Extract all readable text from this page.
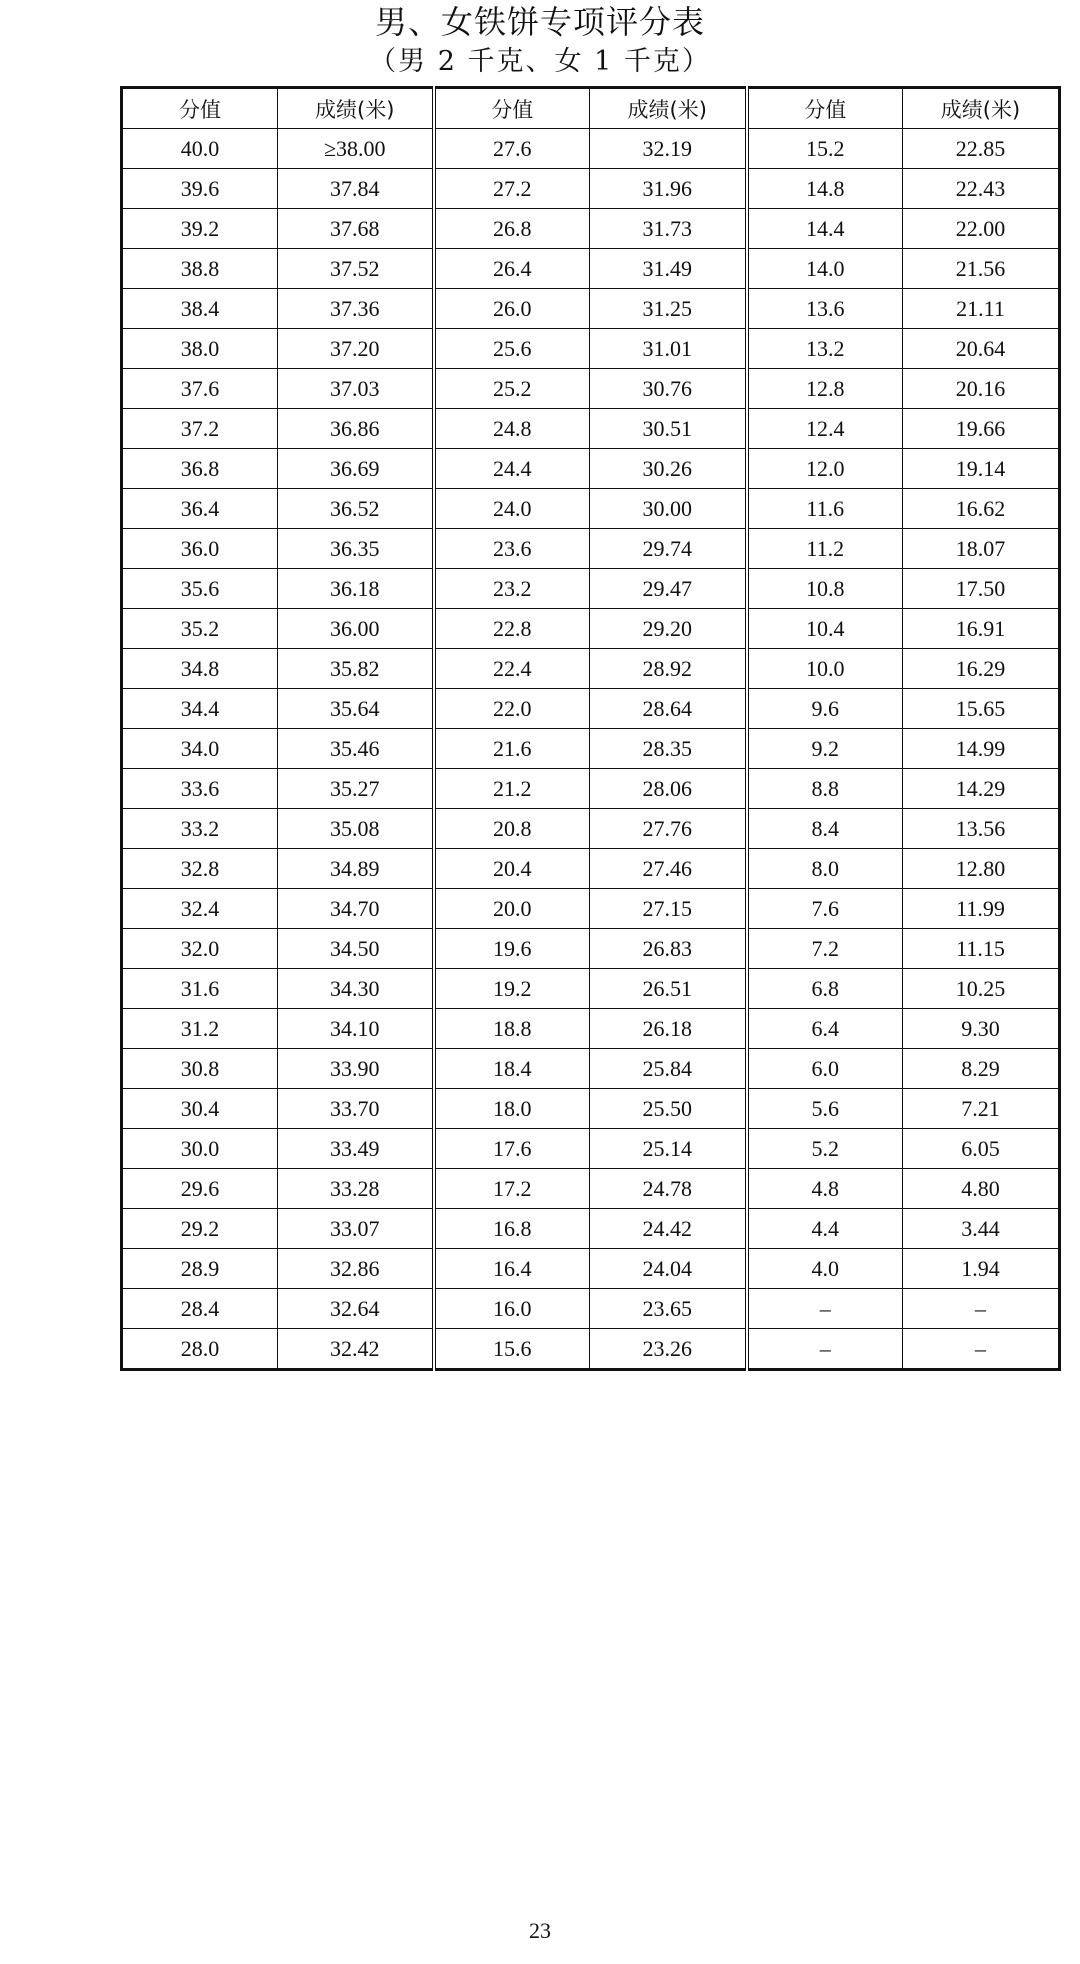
男、女铁饼专项评分表
（男 2 千克、女 1 千克）
分值	成绩(米)	分值	成绩(米)	分值	成绩(米)
40.0	≥38.00	27.6	32.19	15.2	22.85
39.6	37.84	27.2	31.96	14.8	22.43
39.2	37.68	26.8	31.73	14.4	22.00
38.8	37.52	26.4	31.49	14.0	21.56
38.4	37.36	26.0	31.25	13.6	21.11
38.0	37.20	25.6	31.01	13.2	20.64
37.6	37.03	25.2	30.76	12.8	20.16
37.2	36.86	24.8	30.51	12.4	19.66
36.8	36.69	24.4	30.26	12.0	19.14
36.4	36.52	24.0	30.00	11.6	16.62
36.0	36.35	23.6	29.74	11.2	18.07
35.6	36.18	23.2	29.47	10.8	17.50
35.2	36.00	22.8	29.20	10.4	16.91
34.8	35.82	22.4	28.92	10.0	16.29
34.4	35.64	22.0	28.64	9.6	15.65
34.0	35.46	21.6	28.35	9.2	14.99
33.6	35.27	21.2	28.06	8.8	14.29
33.2	35.08	20.8	27.76	8.4	13.56
32.8	34.89	20.4	27.46	8.0	12.80
32.4	34.70	20.0	27.15	7.6	11.99
32.0	34.50	19.6	26.83	7.2	11.15
31.6	34.30	19.2	26.51	6.8	10.25
31.2	34.10	18.8	26.18	6.4	9.30
30.8	33.90	18.4	25.84	6.0	8.29
30.4	33.70	18.0	25.50	5.6	7.21
30.0	33.49	17.6	25.14	5.2	6.05
29.6	33.28	17.2	24.78	4.8	4.80
29.2	33.07	16.8	24.42	4.4	3.44
28.9	32.86	16.4	24.04	4.0	1.94
28.4	32.64	16.0	23.65	–	–
28.0	32.42	15.6	23.26	–	–
23
